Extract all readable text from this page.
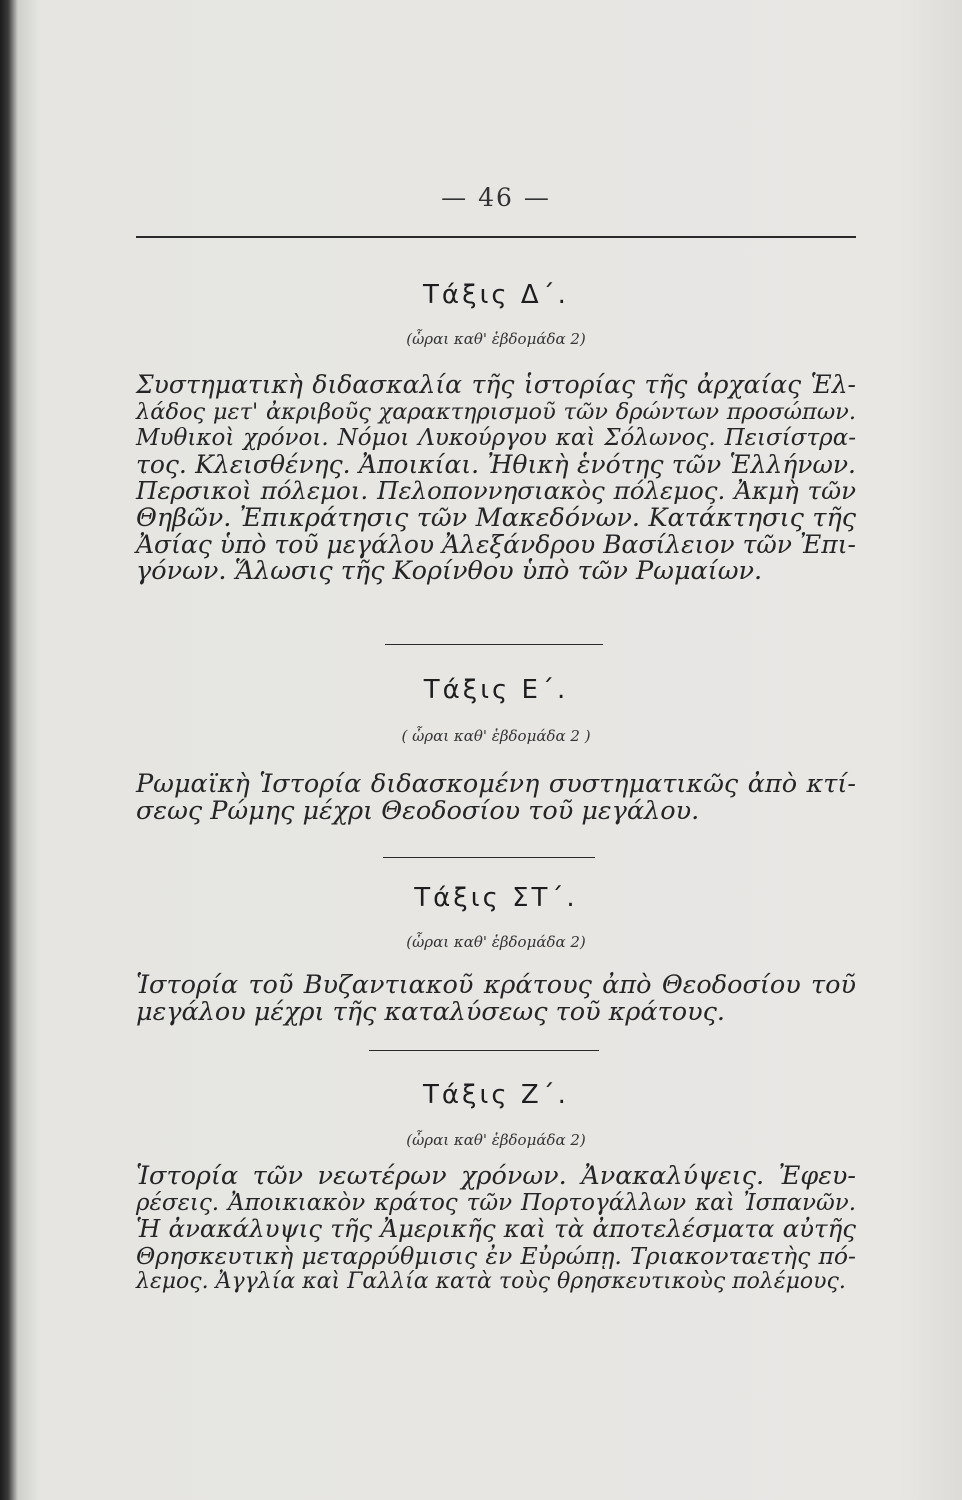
— 46 —
Τάξις Δ΄.
(ὧραι καθ' ἑβδομάδα 2)
Συστηματικὴ διδασκαλία τῆς ἱστορίας τῆς ἀρχαίας Ἑλ-
λάδος μετ' ἀκριβοῦς χαρακτηρισμοῦ τῶν δρώντων προσώπων.
Μυθικοὶ χρόνοι. Νόμοι Λυκούργου καὶ Σόλωνος. Πεισίστρα-
τος. Κλεισθένης. Ἀποικίαι. Ἠθικὴ ἑνότης τῶν Ἑλλήνων.
Περσικοὶ πόλεμοι. Πελοποννησιακὸς πόλεμος. Ἀκμὴ τῶν
Θηβῶν. Ἐπικράτησις τῶν Μακεδόνων. Κατάκτησις τῆς
Ἀσίας ὑπὸ τοῦ μεγάλου Ἀλεξάνδρου Βασίλειον τῶν Ἐπι-
γόνων. Ἅλωσις τῆς Κορίνθου ὑπὸ τῶν Ρωμαίων.
Τάξις Ε΄.
( ὧραι καθ' ἑβδομάδα 2 )
Ρωμαϊκὴ Ἱστορία διδασκομένη συστηματικῶς ἀπὸ κτί-
σεως Ρώμης μέχρι Θεοδοσίου τοῦ μεγάλου.
Τάξις ΣΤ΄.
(ὧραι καθ' ἑβδομάδα 2)
Ἱστορία τοῦ Βυζαντιακοῦ κράτους ἀπὸ Θεοδοσίου τοῦ
μεγάλου μέχρι τῆς καταλύσεως τοῦ κράτους.
Τάξις Ζ΄.
(ὧραι καθ' ἑβδομάδα 2)
Ἱστορία τῶν νεωτέρων χρόνων. Ἀνακαλύψεις. Ἐφευ-
ρέσεις. Ἀποικιακὸν κράτος τῶν Πορτογάλλων καὶ Ἰσπανῶν.
Ἡ ἀνακάλυψις τῆς Ἀμερικῆς καὶ τὰ ἀποτελέσματα αὐτῆς
Θρησκευτικὴ μεταρρύθμισις ἐν Εὐρώπῃ. Τριακονταετὴς πό-
λεμος. Ἀγγλία καὶ Γαλλία κατὰ τοὺς θρησκευτικοὺς πολέμους.
